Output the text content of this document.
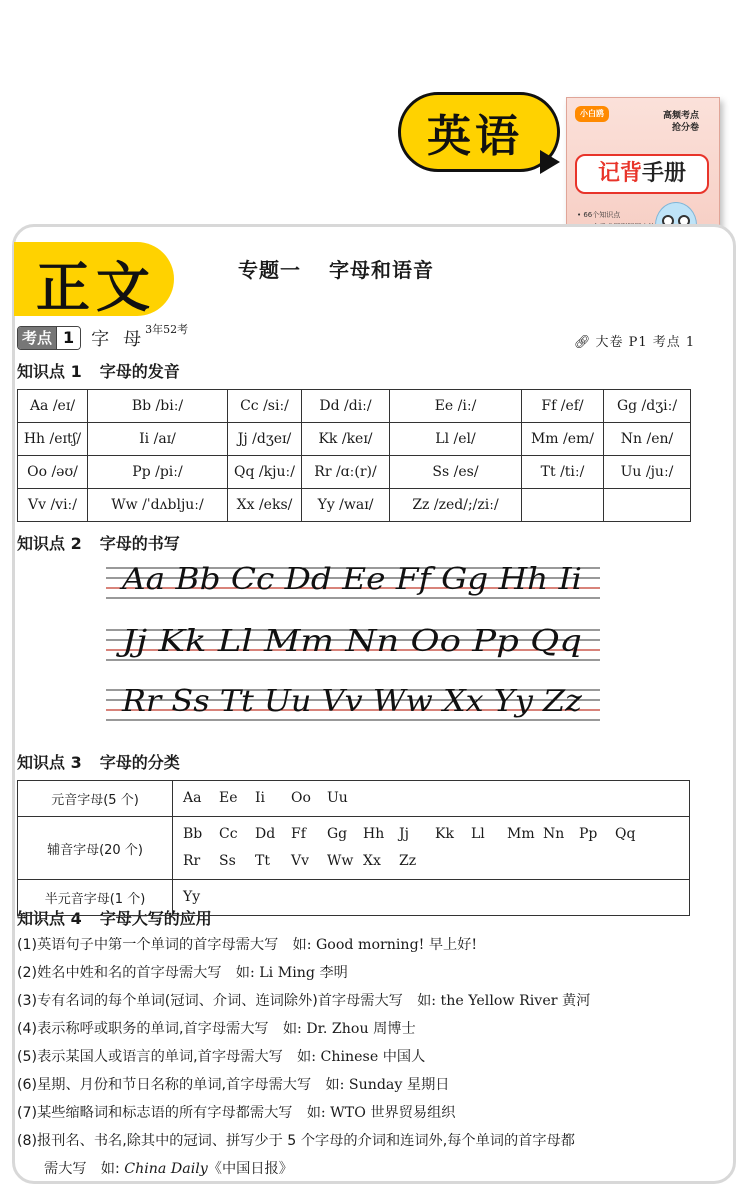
英语	小白鸥	高频考点
抢分卷
记背手册
• 66个知识点
正文	专题一 字母和语音
考点 1 字母
3年52考
🔗︎ 大卷 P1 考点 1
知识点 1 字母的发音
知识点 2 字母的书写
知识点 3 字母的分类
知识点 4 字母大写的应用
Aa /eɪ/	Bb /biː/	Cc /siː/	Dd /diː/	Ee /iː/	Ff /ef/	Gg /dʒiː/
Hh /eɪtʃ/	Ii /aɪ/	Jj /dʒeɪ/	Kk /keɪ/	Ll /el/	Mm /em/	Nn /en/
Oo /əʊ/	Pp /piː/	Qq /kjuː/	Rr /ɑː(r)/	Ss /es/	Tt /tiː/	Uu /juː/
Vv /viː/	Ww /ˈdʌbljuː/	Xx /eks/	Yy /waɪ/	Zz /zed/;/ziː/		
Aa Bb Cc Dd Ee Ff Gg Hh Ii
Jj Kk Ll Mm Nn Oo Pp Qq
Rr Ss Tt Uu Vv Ww Xx Yy Zz
元音字母(5 个)	Aa Ee Ii Oo Uu

辅音字母(20 个)	Bb Cc Dd Ff Gg Hh Jj Kk Ll Mm Nn Pp Qq
Rr Ss Tt Vv Ww Xx Zz

半元音字母(1 个)	Yy
(1)英语句子中第一个单词的首字母需大写　 如: Good morning! 早上好!
(2)姓名中姓和名的首字母需大写　 如: Li Ming 李明
(3)专有名词的每个单词(冠词、介词、连词除外)首字母需大写　 如: the Yellow River 黄河
(4)表示称呼或职务的单词,首字母需大写　 如: Dr. Zhou 周博士
(5)表示某国人或语言的单词,首字母需大写　 如: Chinese 中国人
(6)星期、月份和节日名称的单词,首字母需大写　 如: Sunday 星期日
(7)某些缩略词和标志语的所有字母都需大写　 如: WTO 世界贸易组织
(8)报刊名、书名,除其中的冠词、拼写少于 5 个字母的介词和连词外,每个单词的首字母都
需大写　如: China Daily《中国日报》
